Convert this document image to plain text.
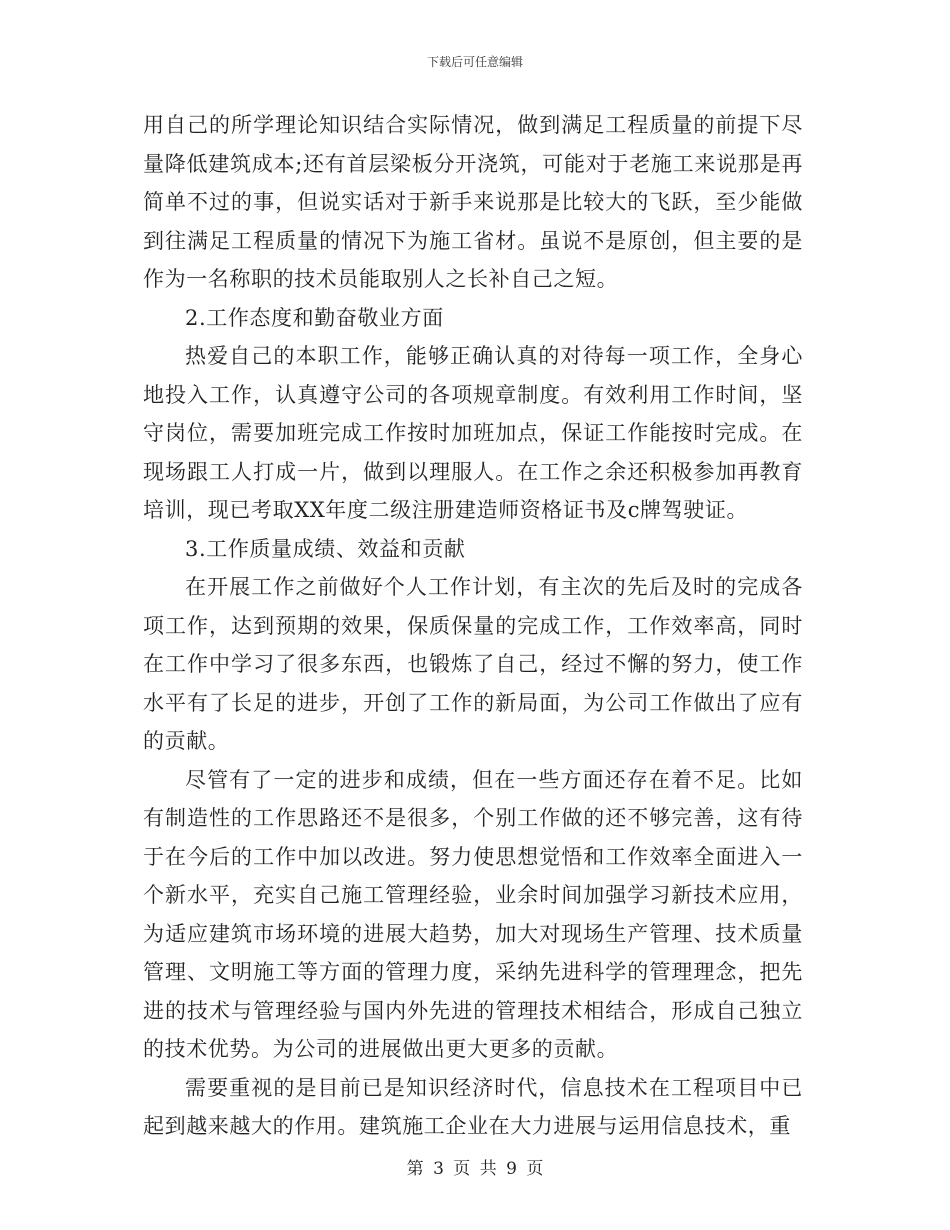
下载后可任意编辑

用自己的所学理论知识结合实际情况，做到满足工程质量的前提下尽量降低建筑成本;还有首层梁板分开浇筑，可能对于老施工来说那是再简单不过的事，但说实话对于新手来说那是比较大的飞跃，至少能做到往满足工程质量的情况下为施工省材。虽说不是原创，但主要的是作为一名称职的技术员能取别人之长补自己之短。

2.工作态度和勤奋敬业方面

热爱自己的本职工作，能够正确认真的对待每一项工作，全身心地投入工作，认真遵守公司的各项规章制度。有效利用工作时间，坚守岗位，需要加班完成工作按时加班加点，保证工作能按时完成。在现场跟工人打成一片，做到以理服人。在工作之余还积极参加再教育培训，现已考取XX年度二级注册建造师资格证书及c牌驾驶证。

3.工作质量成绩、效益和贡献

在开展工作之前做好个人工作计划，有主次的先后及时的完成各项工作，达到预期的效果，保质保量的完成工作，工作效率高，同时在工作中学习了很多东西，也锻炼了自己，经过不懈的努力，使工作水平有了长足的进步，开创了工作的新局面，为公司工作做出了应有的贡献。

尽管有了一定的进步和成绩，但在一些方面还存在着不足。比如有制造性的工作思路还不是很多，个别工作做的还不够完善，这有待于在今后的工作中加以改进。努力使思想觉悟和工作效率全面进入一个新水平，充实自己施工管理经验，业余时间加强学习新技术应用，为适应建筑市场环境的进展大趋势，加大对现场生产管理、技术质量管理、文明施工等方面的管理力度，采纳先进科学的管理理念，把先进的技术与管理经验与国内外先进的管理技术相结合，形成自己独立的技术优势。为公司的进展做出更大更多的贡献。

需要重视的是目前已是知识经济时代，信息技术在工程项目中已起到越来越大的作用。建筑施工企业在大力进展与运用信息技术，重

第 3 页 共 9 页
